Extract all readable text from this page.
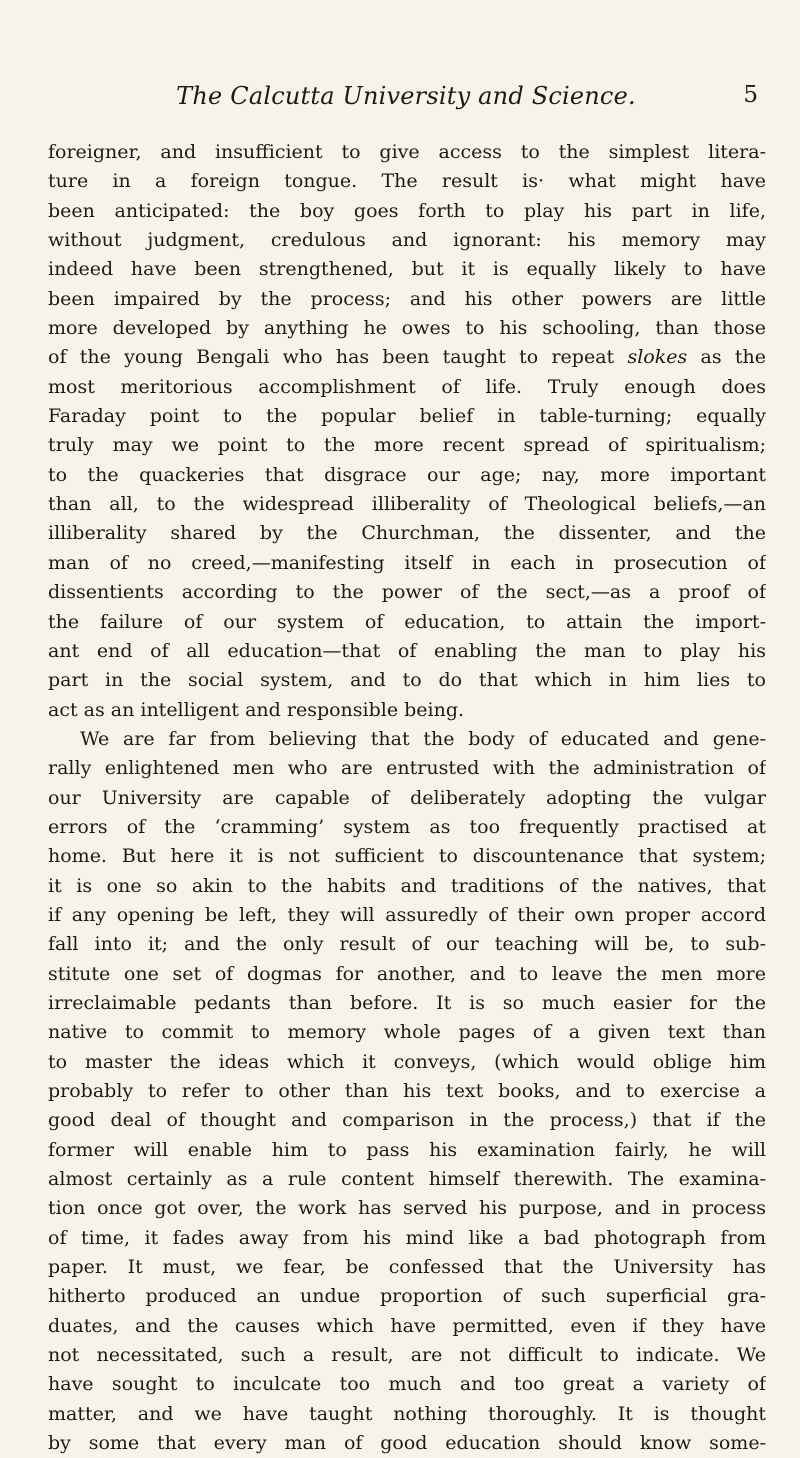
The Calcutta University and Science.	5
foreigner, and insufficient to give access to the simplest litera-
ture in a foreign tongue. The result is· what might have
been anticipated: the boy goes forth to play his part in life,
without judgment, credulous and ignorant: his memory may
indeed have been strengthened, but it is equally likely to have
been impaired by the process; and his other powers are little
more developed by anything he owes to his schooling, than those
of the young Bengali who has been taught to repeat slokes as the
most meritorious accomplishment of life. Truly enough does
Faraday point to the popular belief in table-turning; equally
truly may we point to the more recent spread of spiritualism;
to the quackeries that disgrace our age; nay, more important
than all, to the widespread illiberality of Theological beliefs,—an
illiberality shared by the Churchman, the dissenter, and the
man of no creed,—manifesting itself in each in prosecution of
dissentients according to the power of the sect,—as a proof of
the failure of our system of education, to attain the import-
ant end of all education—that of enabling the man to play his
part in the social system, and to do that which in him lies to
act as an intelligent and responsible being.
We are far from believing that the body of educated and gene-
rally enlightened men who are entrusted with the administration of
our University are capable of deliberately adopting the vulgar
errors of the ‘cramming’ system as too frequently practised at
home. But here it is not sufficient to discountenance that system;
it is one so akin to the habits and traditions of the natives, that
if any opening be left, they will assuredly of their own proper accord
fall into it; and the only result of our teaching will be, to sub-
stitute one set of dogmas for another, and to leave the men more
irreclaimable pedants than before. It is so much easier for the
native to commit to memory whole pages of a given text than
to master the ideas which it conveys, (which would oblige him
probably to refer to other than his text books, and to exercise a
good deal of thought and comparison in the process,) that if the
former will enable him to pass his examination fairly, he will
almost certainly as a rule content himself therewith. The examina-
tion once got over, the work has served his purpose, and in process
of time, it fades away from his mind like a bad photograph from
paper. It must, we fear, be confessed that the University has
hitherto produced an undue proportion of such superficial gra-
duates, and the causes which have permitted, even if they have
not necessitated, such a result, are not difficult to indicate. We
have sought to inculcate too much and too great a variety of
matter, and we have taught nothing thoroughly. It is thought
by some that every man of good education should know some-
